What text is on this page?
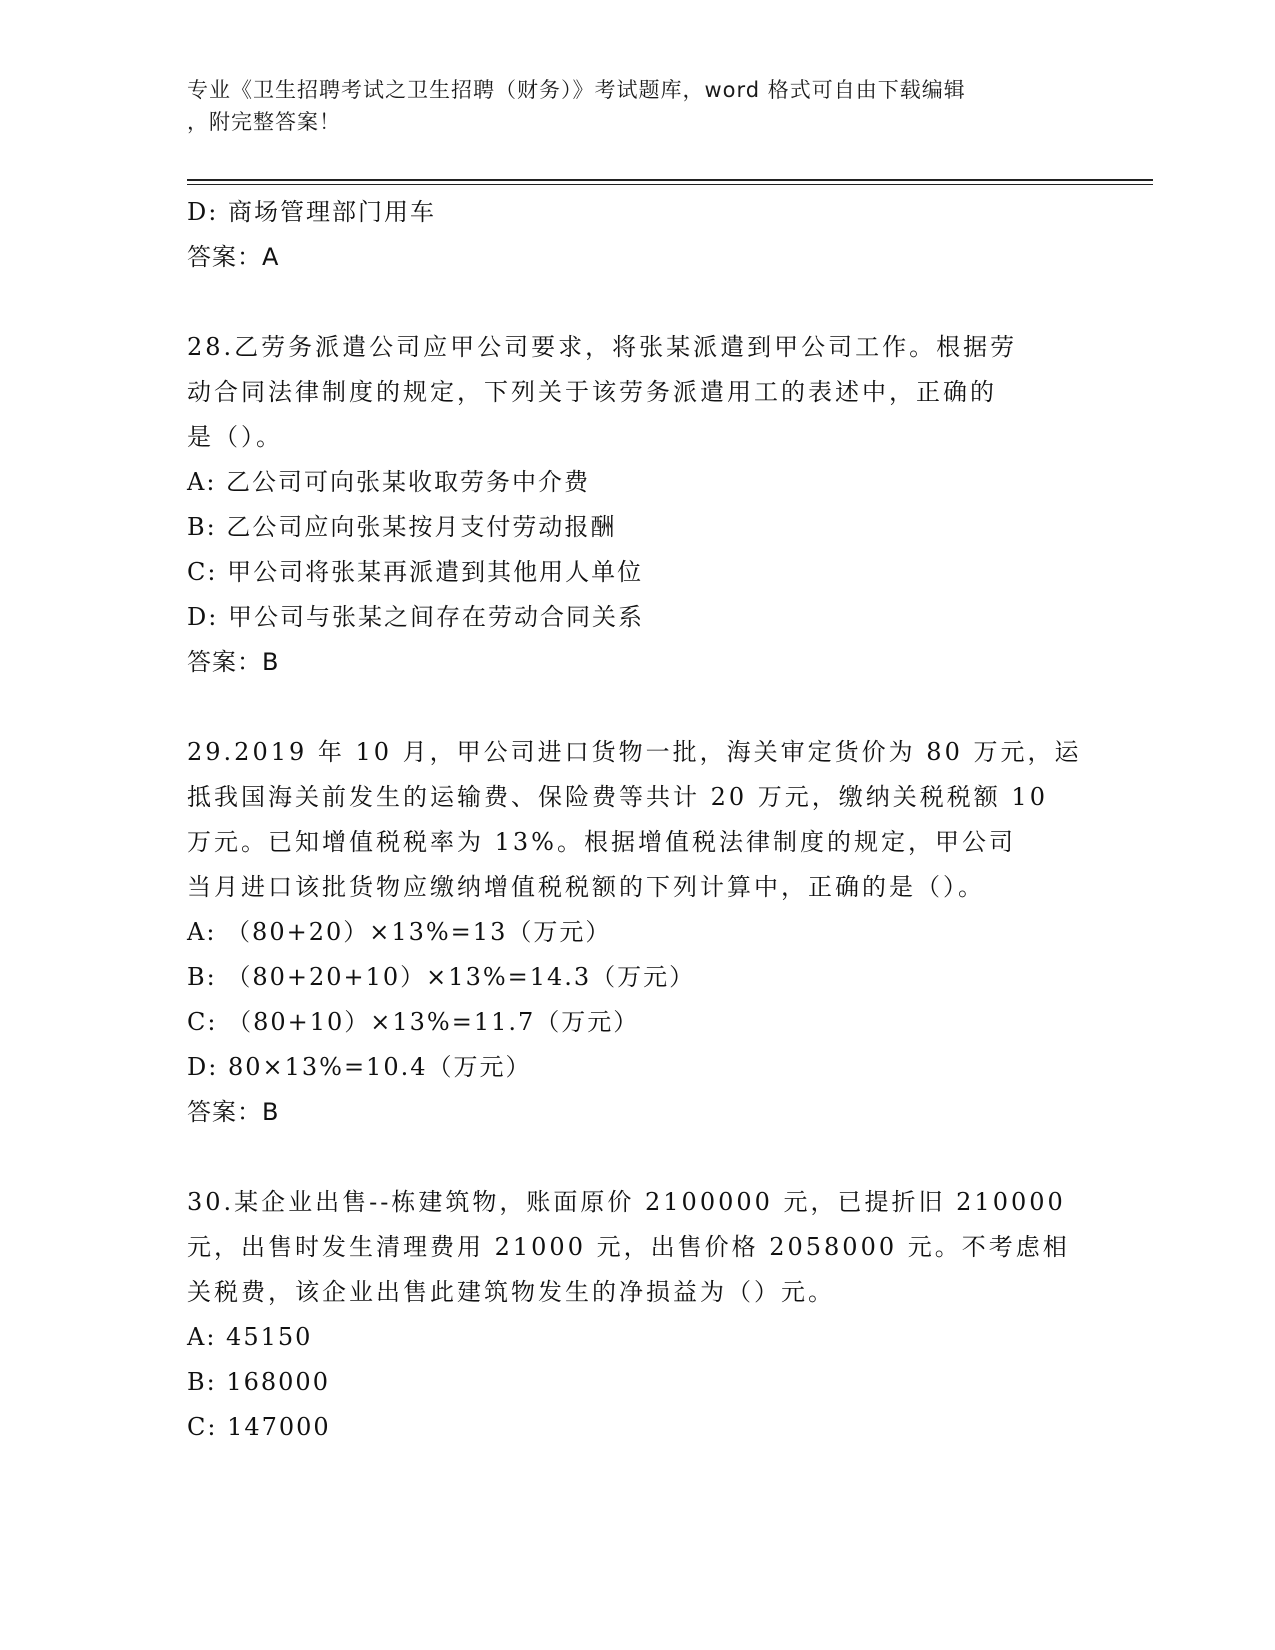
专业《卫生招聘考试之卫生招聘（财务）》考试题库，word 格式可自由下载编辑
，附完整答案！
D: 商场管理部门用车
答案：A
28.乙劳务派遣公司应甲公司要求，将张某派遣到甲公司工作。根据劳
动合同法律制度的规定，下列关于该劳务派遣用工的表述中，正确的
是（）。
A: 乙公司可向张某收取劳务中介费
B: 乙公司应向张某按月支付劳动报酬
C: 甲公司将张某再派遣到其他用人单位
D: 甲公司与张某之间存在劳动合同关系
答案：B
29.2019 年 10 月，甲公司进口货物一批，海关审定货价为 80 万元，运
抵我国海关前发生的运输费、保险费等共计 20 万元，缴纳关税税额 10
万元。已知增值税税率为 13%。根据增值税法律制度的规定，甲公司
当月进口该批货物应缴纳增值税税额的下列计算中，正确的是（）。
A: （80+20）×13%=13（万元）
B: （80+20+10）×13%=14.3（万元）
C: （80+10）×13%=11.7（万元）
D: 80×13%=10.4（万元）
答案：B
30.某企业出售--栋建筑物，账面原价 2100000 元，已提折旧 210000
元，出售时发生清理费用 21000 元，出售价格 2058000 元。不考虑相
关税费，该企业出售此建筑物发生的净损益为（）元。
A: 45150
B: 168000
C: 147000
